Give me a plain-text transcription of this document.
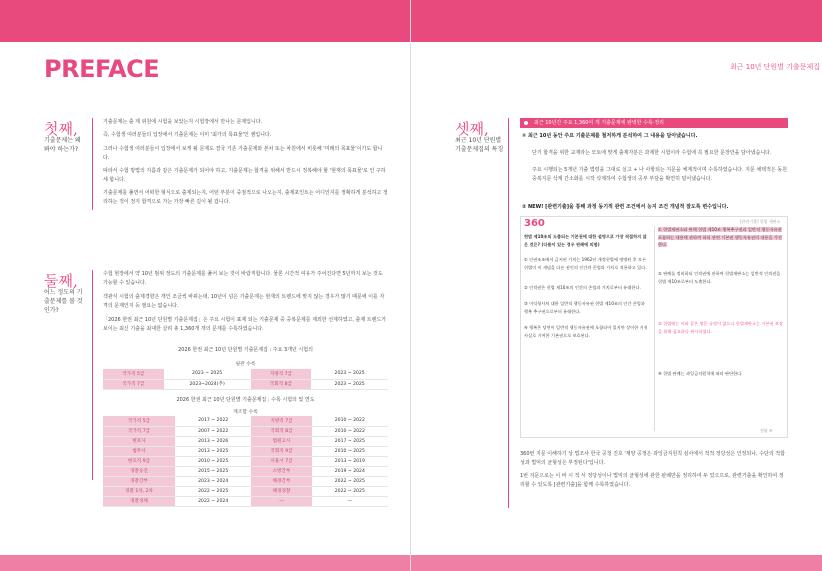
PREFACE	최근 10년 단원별 기출문제집
첫째,
기출문제는 왜 봐야 하는가?
기출문제는 출 제 위원에 시험을 보았는지 시험장에서 만나는 문제입니다.
즉, 수험생 여러분들의 입장에서 기출문제는 이미 '최가의 목표물'인 셈입니다.
그러나 수험생 여러분들이 입장에서 보게 될 문제도 결국 기존 기출문제와 본차 또는 차원에서 비롯해 '미래의 목표물'이기도 합니다.
따라서 수험 방법의 지름과 같은 기출문제가 되어야 하고, 기출문제는 합격을 위해서 반드시 정복해야 할 '현재의 목표물'로 인 구하세 합니다.
기출문제를 풀면서 어떠한 형식으로 출제되는지, 어떤 부분이 중점적으로 나오는지, 출제포인트는 어디인지를 정확하게 분석하고 정리하는 것이 정지 합격으로 가는 가장 빠른 길이 될 겁니다.
둘째,
어느 정도의 기출문제를 볼 것인가?
수험 현장에서 약 10년 범위 정도의 기출문제를 풀어 보는 것이 바람직합니다. 물론 시간적 여유가 주어진다면 5년까지 보는 것도 가능할 수 있습니다.
객관식 시험의 출제경향은 개인 조금씩 바뀌는데, 10년이 넘은 기출문제는 현재의 트렌드에 맞지 않는 경우가 많기 때문에 이를 자격의 문제인지 등 필요는 없습니다.
「2026 한권 최근 10년 단원별 기출문제집」은 주요 시험이 표제 되는 기출문제 중 중복문제를 제외한 선제하였고, 출제 트렌드가 보이는 최신 기출을 최대한 살려 총 1,360개 개의 문제를 수록하였습니다.
2026 한권 최근 10년 단원별 기출문제집 : 주요 3개년 시험의
필관 수록
국가직 5급	2023 ~ 2025	지방직 7급	2023 ~ 2025
국가직 7급	2023~2024(추)	국회직 8급	2023 ~ 2025
2026 한권 최근 10년 단원별 기출문제집 : 수록 시험의 및 연도
재조합 수록
국가직 5급	2017 ~ 2022	지방직 7급	2010 ~ 2022
국가직 7급	2007 ~ 2022	국회직 8급	2010 ~ 2022
변호사	2013 ~ 2026	법원고시	2017 ~ 2025
법무사	2013 ~ 2025	국회직 9급	2010 ~ 2025
변호직 9급	2010 ~ 2025	서울시 7급	2013 ~ 2019
경찰승진	2015 ~ 2025	소방간부	2019 ~ 2024
경찰간부	2023 ~ 2024	해경간부	2022 ~ 2025
경찰 1차, 2차	2022 ~ 2025	해경경찰	2022 ~ 2025
경찰경채	2022 ~ 2024	—	—
셋째,
최근 10년 단원별 기출문제집의 특징
최근 10년간 주요 1,360여 개 기출문제에 완벽한 수록·정리
① 최근 10년 동안 주요 기출문제를 철저하게 분석하여 그 내용을 담아냈습니다.
단기 합격을 위한 교재라는 모토에 맞게 출제자분은 과제한 시험이라 수험에 꼭 필요한 문장만을 담아냈습니다.
주요 시행되는 5개년 기출 법령을 그대로 실고 + 나 사항되는 지문을 체계적이며 수록하였습니다. 지문 채택적은 동원 중복지문 삭제 간소화를 시작 삭제하여 수험생의 공부 부담을 확연히 덜어냈습니다.
② NEW! [관련기출]을 통해 과정 동기적 관련 조건에서 능지 조건 개념적 잘도록 변수입니다.
360	[관련기출] 헌법 재판소
헌법 제10조의 도출되는 기본권에 대한 설명으로 가장 적절하지 않은 것은? (다툼이 있는 경우 판례에 의함)
① 인권조조에서 금지된 가치는 1962년 개정헌법에 명명된 후 모든 헌법이 이 개념을 다른 권인의 인간의 존엄과 가치로 적용하고 있다.
② 인격권은 헌법 제10조의 인간의 존엄과 가치로부터 유래한다.
③ 이익형사처 대한 일반적 행동자유권 헌법 제10조의 인간 존엄과 행복 추구권으로부터 유래한다.
④ 행복은 당연이 일반적 행동자유권에 포함되어 있지만 상이한 거짓 사실로 기여한 기본권으로 보호된다.
① 헌법재판소와 판례 헌법 제10조 행복추구권과 일반적 행동자유권 포함하는 내용에 관하여 하되 관련 기본권 행동자유권의 내용을 가진 한다.
② 판례를 정리하되 인격권에 관하여 헌법재판소는 일반적 인격권을 헌법 제10조로부터 도출한다.
③ 헌법에는 이와 같은 명문 규정이 없으나 헌법재판소는 기본권 보장을 위해 필요하다 판시하였다.
④ 헌법 판례는 과잉금지원칙에 따라 판단한다.
정답 ④
360번 지문 이해하기 상 법조사 한국 공청 진호 '제양 공정은 과잉금지원칙 심사에서 적적 정당성은 인정되나, 수단의 적합성과 법익의 균형성은 부정된다'입니다.
1번 지문으로는 이 바 시 적 서 정당성이나 법익의 균형성에 관한 판례만을 정리하여 두 었으므로, 관련기출을 확인하여 정리할 수 있도록 [관련기출]을 함께 수록하였습니다.
